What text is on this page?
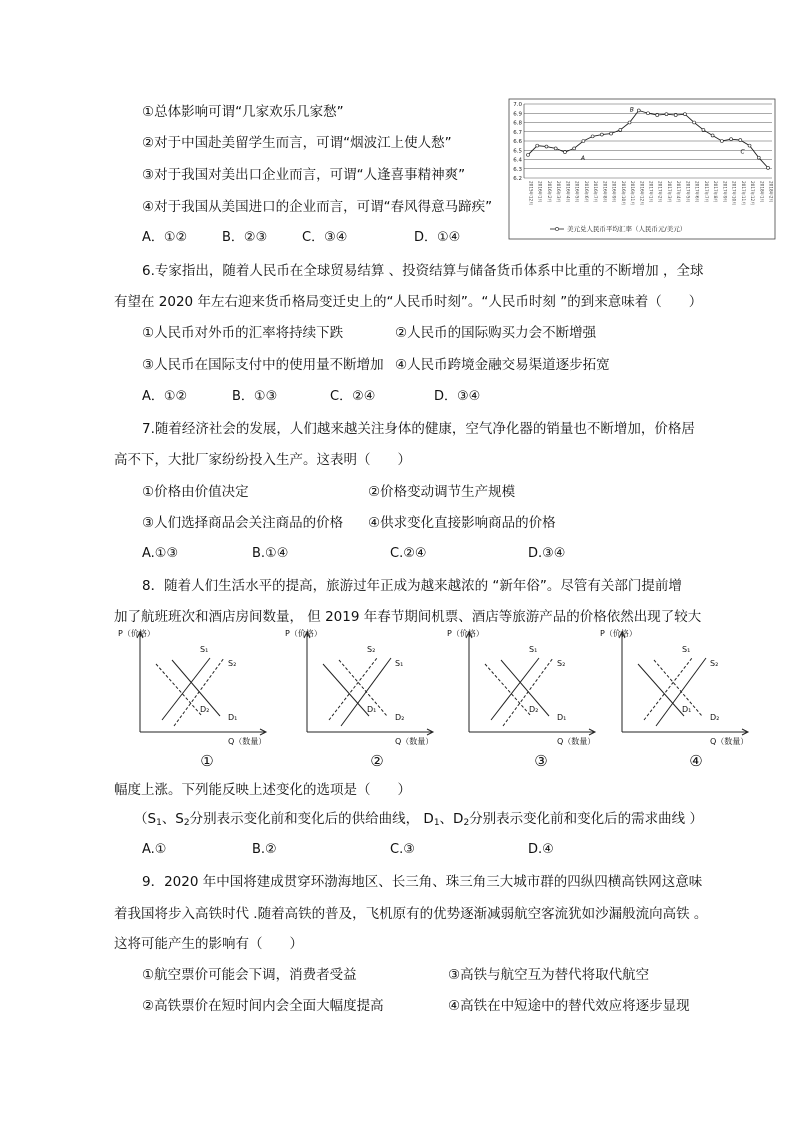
①总体影响可谓“几家欢乐几家愁”
②对于中国赴美留学生而言，可谓“烟波江上使人愁”
③对于我国对美出口企业而言，可谓“人逢喜事精神爽”
④对于我国从美国进口的企业而言，可谓“春风得意马蹄疾”
A．①②	B．②③	C．③④	D．①④
7.0
6.9
6.8
6.7
6.6
6.5
6.4
6.3
6.2
2015年12月 2016年1月 2016年2月 2016年3月 2016年4月 2016年5月 2016年6月 2016年7月 2016年8月 2016年9月 2016年10月 2016年11月 2016年12月 2017年1月 2017年2月 2017年3月 2017年4月 2017年5月 2017年6月 2017年7月 2017年8月 2017年9月 2017年10月 2017年11月 2017年12月 2018年1月 2018年2月
A
B
C
美元兑人民币平均汇率（人民币元/美元）
6.专家指出，随着人民币在全球贸易结算 、投资结算与储备货币体系中比重的不断增加 ，全球
有望在 2020 年左右迎来货币格局变迁史上的“人民币时刻”。“人民币时刻 ”的到来意味着（　　）
①人民币对外币的汇率将持续下跌	②人民币的国际购买力会不断增强
③人民币在国际支付中的使用量不断增加 ④人民币跨境金融交易渠道逐步拓宽
A．①②	B．①③	C．②④	D．③④
7.随着经济社会的发展，人们越来越关注身体的健康，空气净化器的销量也不断增加，价格居
高不下，大批厂家纷纷投入生产。这表明（　　）
①价格由价值决定	②价格变动调节生产规模
③人们选择商品会关注商品的价格 ④供求变化直接影响商品的价格
A.①③	B.①④	C.②④	D.③④
8．随着人们生活水平的提高，旅游过年正成为越来越浓的 “新年俗”。尽管有关部门提前增
加了航班班次和酒店房间数量， 但 2019 年春节期间机票、酒店等旅游产品的价格依然出现了较大
P（价格）
Q（数量）
S₁
S₂
D₂
D₁
P（价格）
Q（数量）
S₂
S₁
D₁
D₂
P（价格）
Q（数量）
S₁
S₂
D₂
D₁
P（价格）
Q（数量）
S₁
S₂
D₁
D₂
①	②	③	④
幅度上涨。下列能反映上述变化的选项是（　　）
（$S_1$、$S_2$分别表示变化前和变化后的供给曲线， $D_1$、$D_2$分别表示变化前和变化后的需求曲线 ）
A.①	B.②	C.③	D.④
9．2020 年中国将建成贯穿环渤海地区、长三角、珠三角三大城市群的四纵四横高铁网这意味
着我国将步入高铁时代 .随着高铁的普及，飞机原有的优势逐渐减弱航空客流犹如沙漏般流向高铁 。
这将可能产生的影响有（　　）
①航空票价可能会下调，消费者受益	③高铁与航空互为替代将取代航空
②高铁票价在短时间内会全面大幅度提高	④高铁在中短途中的替代效应将逐步显现
